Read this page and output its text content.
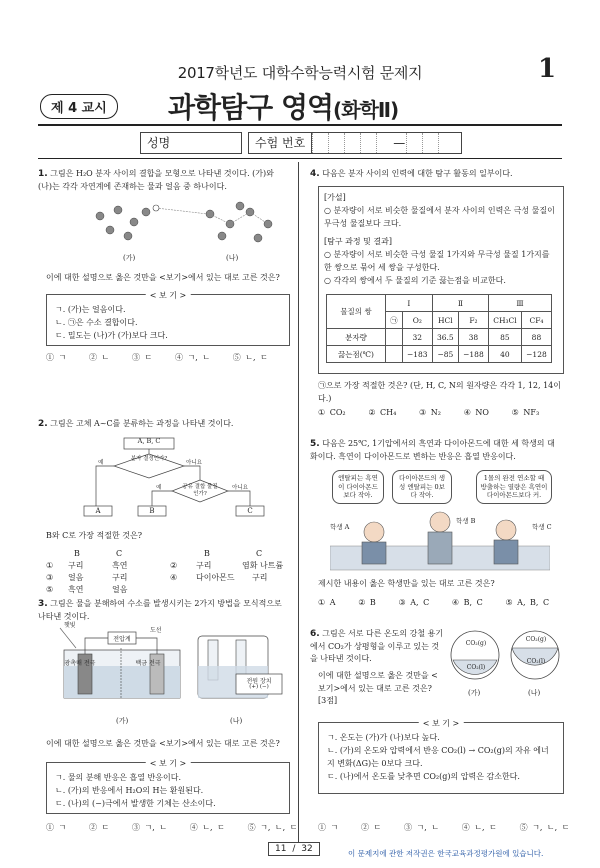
2017학년도 대학수학능력시험 문제지	1
제 4 교시	과학탐구 영역(화학Ⅱ)
성명	수험 번호	—
1. 그림은 H₂O 분자 사이의 결합을 모형으로 나타낸 것이다. (가)와 (나)는 각각 자연계에 존재하는 물과 얼음 중 하나이다.
(가)	(나)
이에 대한 설명으로 옳은 것만을 <보기>에서 있는 대로 고른 것은?
< 보 기 >
ㄱ. (가)는 얼음이다.
ㄴ. ㉠은 수소 결합이다.
ㄷ. 밀도는 (나)가 (가)보다 크다.
① ㄱ     ② ㄴ     ③ ㄷ     ④ ㄱ, ㄴ     ⑤ ㄴ, ㄷ
2. 그림은 고체 A~C를 분류하는 과정을 나타낸 것이다.
A, B, C
분자 결정인가?
공유 결합 물질인가?
예	아니요
예	아니요
A	B	C
B와 C로 가장 적절한 것은?
B	C	B	C
① 구리	흑연	② 구리	염화 나트륨
③ 얼음	구리	④ 다이아몬드 구리
⑤ 흑연	얼음
3. 그림은 물을 분해하여 수소를 발생시키는 2가지 방법을 모식적으로 나타낸 것이다.
햇빛
도선
전압계
광촉매 전극	백금 전극
전원 장치
(+) (−)
(가)	(나)
이에 대한 설명으로 옳은 것만을 <보기>에서 있는 대로 고른 것은?
< 보 기 >
ㄱ. 물의 분해 반응은 흡열 반응이다.
ㄴ. (가)의 반응에서 H₂O의 H는 환원된다.
ㄷ. (나)의 (−)극에서 발생한 기체는 산소이다.
① ㄱ     ② ㄷ     ③ ㄱ, ㄴ     ④ ㄴ, ㄷ     ⑤ ㄱ, ㄴ, ㄷ
4. 다음은 분자 사이의 인력에 대한 탐구 활동의 일부이다.
[가설]
○ 분자량이 서로 비슷한 물질에서 분자 사이의 인력은 극성 물질이 무극성 물질보다 크다.
[탐구 과정 및 결과]
○ 분자량이 서로 비슷한 극성 물질 1가지와 무극성 물질 1가지를 한 쌍으로 묶어 세 쌍을 구성한다.
○ 각각의 쌍에서 두 물질의 기준 끓는점을 비교한다.
물질의 쌍	Ⅰ		Ⅱ		Ⅲ	
	㉠	O₂	HCl	F₂	CH₃Cl	CF₄
분자량		32	36.5	38	85	88
끓는점(℃)		−183	−85	−188	40	−128
㉠으로 가장 적절한 것은? (단, H, C, N의 원자량은 각각 1, 12, 14이다.)
① CO₂     ② CH₄     ③ N₂     ④ NO     ⑤ NF₃
5. 다음은 25℃, 1기압에서의 흑연과 다이아몬드에 대한 세 학생의 대화이다. 흑연이 다이아몬드로 변하는 반응은 흡열 반응이다.
엔탈피는 흑연이 다이아몬드보다 작아.
다이아몬드의 생성 엔탈피는 0보다 작아.
1몰의 완전 연소할 때 방출하는 열량은 흑연이 다이아몬드보다 커.
학생 A
학생 B
학생 C
제시한 내용이 옳은 학생만을 있는 대로 고른 것은?
① A     ② B     ③ A, C     ④ B, C     ⑤ A, B, C
6. 그림은 서로 다른 온도의 강철 용기에서 CO₂가 상평형을 이루고 있는 것을 나타낸 것이다.
이에 대한 설명으로 옳은 것만을 <보기>에서 있는 대로 고른 것은? [3점]
CO₂(g)
CO₂(l)
CO₂(g)
CO₂(l)
(가)	(나)
< 보 기 >
ㄱ. 온도는 (가)가 (나)보다 높다.
ㄴ. (가)의 온도와 압력에서 반응 CO₂(l) → CO₂(g)의 자유 에너지 변화(ΔG)는 0보다 크다.
ㄷ. (나)에서 온도를 낮추면 CO₂(g)의 압력은 감소한다.
① ㄱ     ② ㄷ     ③ ㄱ, ㄴ     ④ ㄴ, ㄷ     ⑤ ㄱ, ㄴ, ㄷ
11 / 32	이 문제지에 관한 저작권은 한국교육과정평가원에 있습니다.
